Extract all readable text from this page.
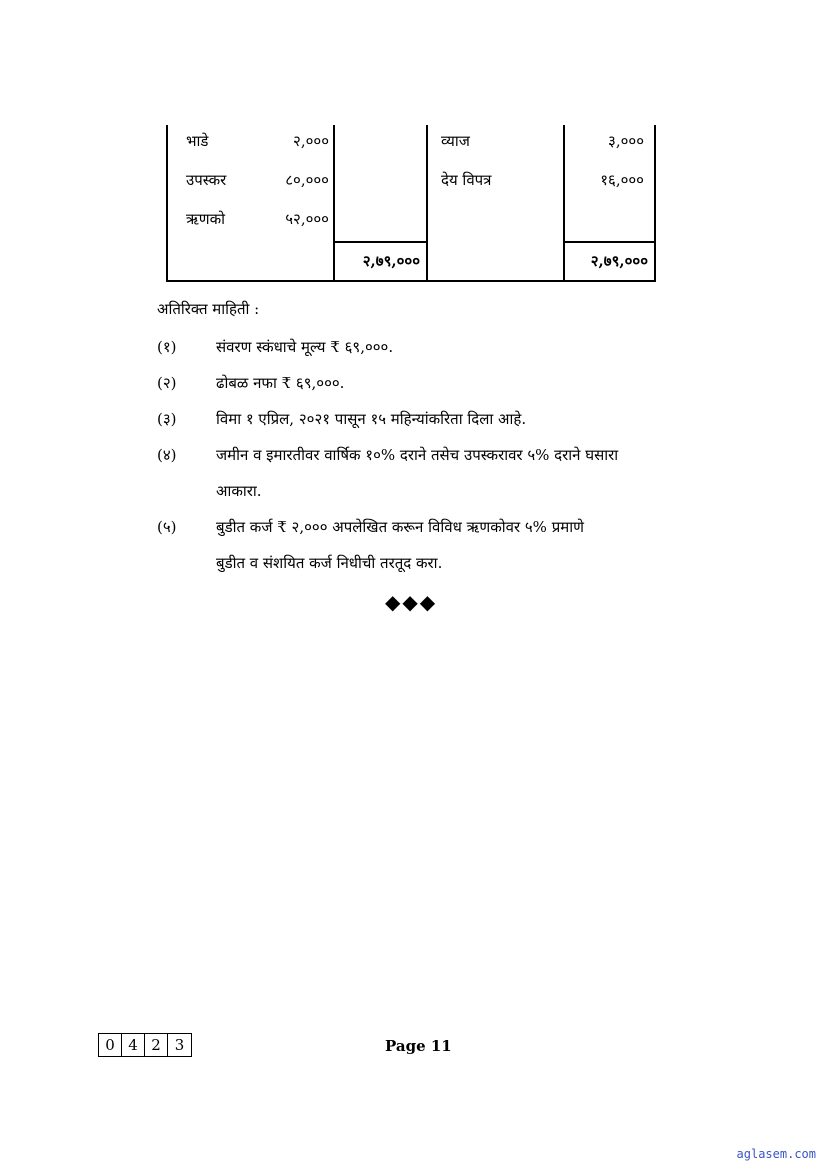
भाडे	२,०००	व्याज	३,०००
उपस्कर	८०,०००	देय विपत्र	१६,०००
ऋणको	५२,०००
२,७९,०००	२,७९,०००
अतिरिक्त माहिती :
(१)	संवरण स्कंधाचे मूल्य ₹ ६९,०००.
(२)	ढोबळ नफा ₹ ६९,०००.
(३)	विमा १ एप्रिल, २०२१ पासून १५ महिन्यांकरिता दिला आहे.
(४)	जमीन व इमारतीवर वार्षिक १०% दराने तसेच उपस्करावर ५% दराने घसारा
आकारा.
(५)	बुडीत कर्ज ₹ २,००० अपलेखित करून विविध ऋणकोवर ५% प्रमाणे
बुडीत व संशयित कर्ज निधीची तरतूद करा.
◆◆◆
0 4 2 3	Page 11
aglasem.com
